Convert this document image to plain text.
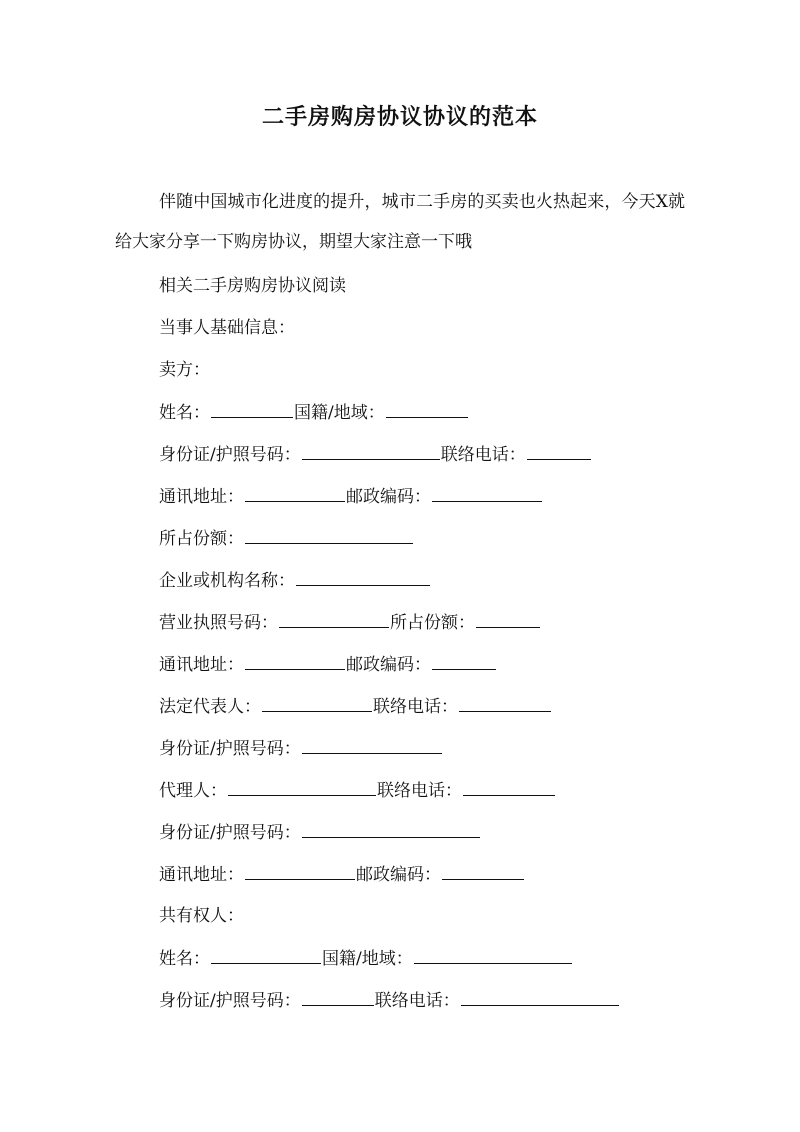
二手房购房协议协议的范本

伴随中国城市化进度的提升，城市二手房的买卖也火热起来，今天X就给大家分享一下购房协议，期望大家注意一下哦

相关二手房购房协议阅读
当事人基础信息：
卖方：
姓名：	国籍/地域：
身份证/护照号码：	联络电话：
通讯地址：	邮政编码：
所占份额：
企业或机构名称：
营业执照号码：	所占份额：
通讯地址：	邮政编码：
法定代表人：	联络电话：
身份证/护照号码：
代理人：	联络电话：
身份证/护照号码：
通讯地址：	邮政编码：
共有权人：
姓名：	国籍/地域：
身份证/护照号码：	联络电话：
